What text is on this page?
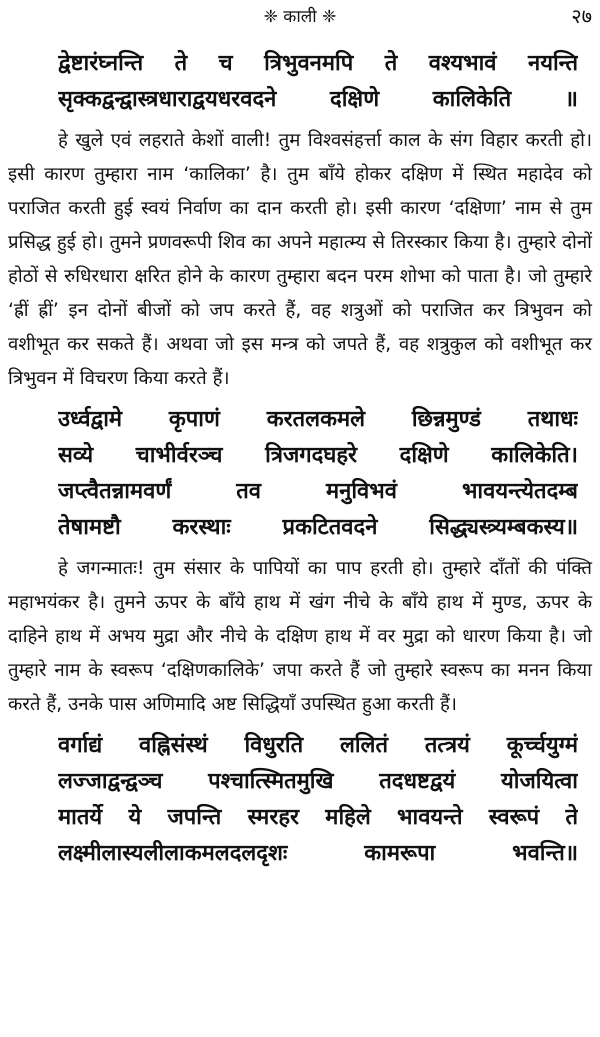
❈ काली ❈	२७

द्वेष्टारंघ्नन्ति ते च त्रिभुवनमपि ते वश्यभावं नयन्ति

सृक्कद्वन्द्वास्त्रधाराद्वयधरवदने दक्षिणे कालिकेति ॥

हे खुले एवं लहराते केशों वाली! तुम विश्वसंहर्त्ता काल के संग विहार करती हो। इसी कारण तुम्हारा नाम ‘कालिका’ है। तुम बाँये होकर दक्षिण में स्थित महादेव को पराजित करती हुई स्वयं निर्वाण का दान करती हो। इसी कारण ‘दक्षिणा’ नाम से तुम प्रसिद्ध हुई हो। तुमने प्रणवरूपी शिव का अपने महात्म्य से तिरस्कार किया है। तुम्हारे दोनों होठों से रुधिरधारा क्षरित होने के कारण तुम्हारा बदन परम शोभा को पाता है। जो तुम्हारे ‘ह्रीं ह्रीं’ इन दोनों बीजों को जप करते हैं, वह शत्रुओं को पराजित कर त्रिभुवन को वशीभूत कर सकते हैं। अथवा जो इस मन्त्र को जपते हैं, वह शत्रुकुल को वशीभूत कर त्रिभुवन में विचरण किया करते हैं।

उर्ध्वद्वामे कृपाणं करतलकमले छिन्नमुण्डं तथाधः

सव्ये चाभीर्वरञ्च त्रिजगदघहरे दक्षिणे कालिकेति।

जप्त्वैतन्नामवर्णं तव मनुविभवं भावयन्त्येतदम्ब

तेषामष्टौ करस्थाः प्रकटितवदने सिद्ध्यस्त्र्यम्बकस्य॥

हे जगन्मातः! तुम संसार के पापियों का पाप हरती हो। तुम्हारे दाँतों की पंक्ति महाभयंकर है। तुमने ऊपर के बाँये हाथ में खंग नीचे के बाँये हाथ में मुण्ड, ऊपर के दाहिने हाथ में अभय मुद्रा और नीचे के दक्षिण हाथ में वर मुद्रा को धारण किया है। जो तुम्हारे नाम के स्वरूप ‘दक्षिणकालिके’ जपा करते हैं जो तुम्हारे स्वरूप का मनन किया करते हैं, उनके पास अणिमादि अष्ट सिद्धियाँ उपस्थित हुआ करती हैं।

वर्गाद्यं वह्निसंस्थं विधुरति ललितं तत्त्रयं कूर्च्चयुग्मं

लज्जाद्वन्द्वञ्च पश्चात्स्मितमुखि तदधष्टद्वयं योजयित्वा

मातर्ये ये जपन्ति स्मरहर महिले भावयन्ते स्वरूपं ते

लक्ष्मीलास्यलीलाकमलदलदृशः कामरूपा भवन्ति॥
